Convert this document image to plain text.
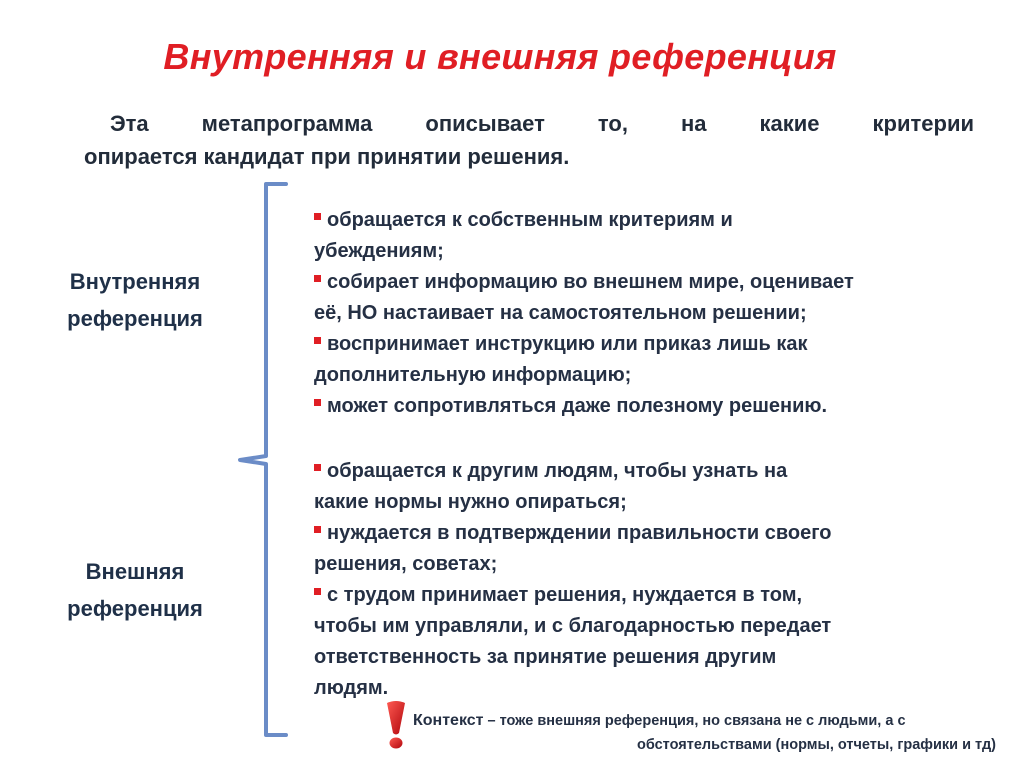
Внутренняя и внешняя референция
Эта метапрограмма описывает то, на какие критерии
опирается кандидат при принятии решения.
Внутренняя
референция
Внешняя
референция
обращается к собственным критериям и
убеждениям;
собирает информацию во внешнем мире, оценивает
её, НО настаивает на самостоятельном решении;
воспринимает инструкцию или приказ лишь как
дополнительную информацию;
может сопротивляться даже полезному решению.
обращается к другим людям, чтобы узнать на
какие нормы нужно опираться;
нуждается в подтверждении правильности своего
решения, советах;
с трудом принимает решения, нуждается в том,
чтобы им управляли, и с благодарностью передает
ответственность за принятие решения другим
людям.
Контекст – тоже внешняя референция, но связана не с людьми, а с
обстоятельствами (нормы, отчеты, графики и тд)
